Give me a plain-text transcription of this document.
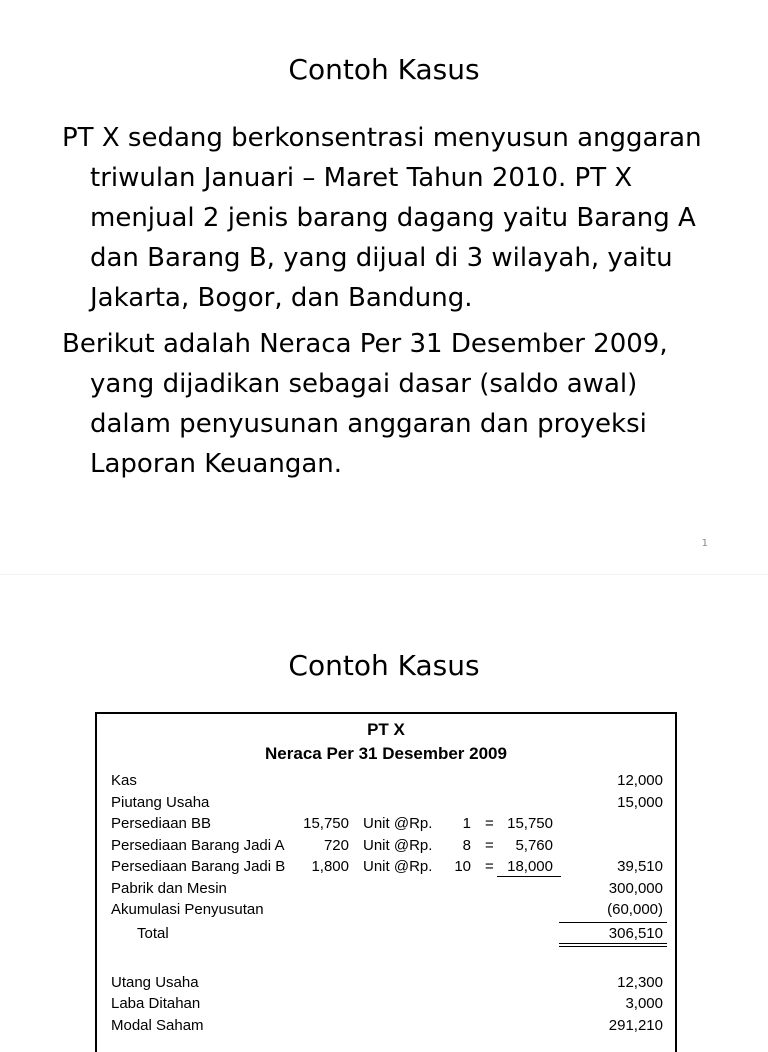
Contoh Kasus

PT X sedang berkonsentrasi menyusun anggaran triwulan Januari – Maret Tahun 2010. PT X menjual 2 jenis barang dagang yaitu Barang A dan Barang B, yang dijual di 3 wilayah, yaitu Jakarta, Bogor, dan Bandung.

Berikut adalah Neraca Per 31 Desember 2009, yang dijadikan sebagai dasar (saldo awal) dalam penyusunan anggaran dan proyeksi Laporan Keuangan.

1
Contoh Kasus
PT X
Neraca Per 31 Desember 2009
Kas	12,000
Piutang Usaha	15,000
Persediaan BB	15,750 Unit @Rp.	1 = 15,750
Persediaan Barang Jadi A	720 Unit @Rp.	8 =	5,760
Persediaan Barang Jadi B	1,800 Unit @Rp.	10 = 18,000	39,510
Pabrik dan Mesin	300,000
Akumulasi Penyusutan	(60,000)
Total	306,510
Utang Usaha	12,300
Laba Ditahan	3,000
Modal Saham	291,210
